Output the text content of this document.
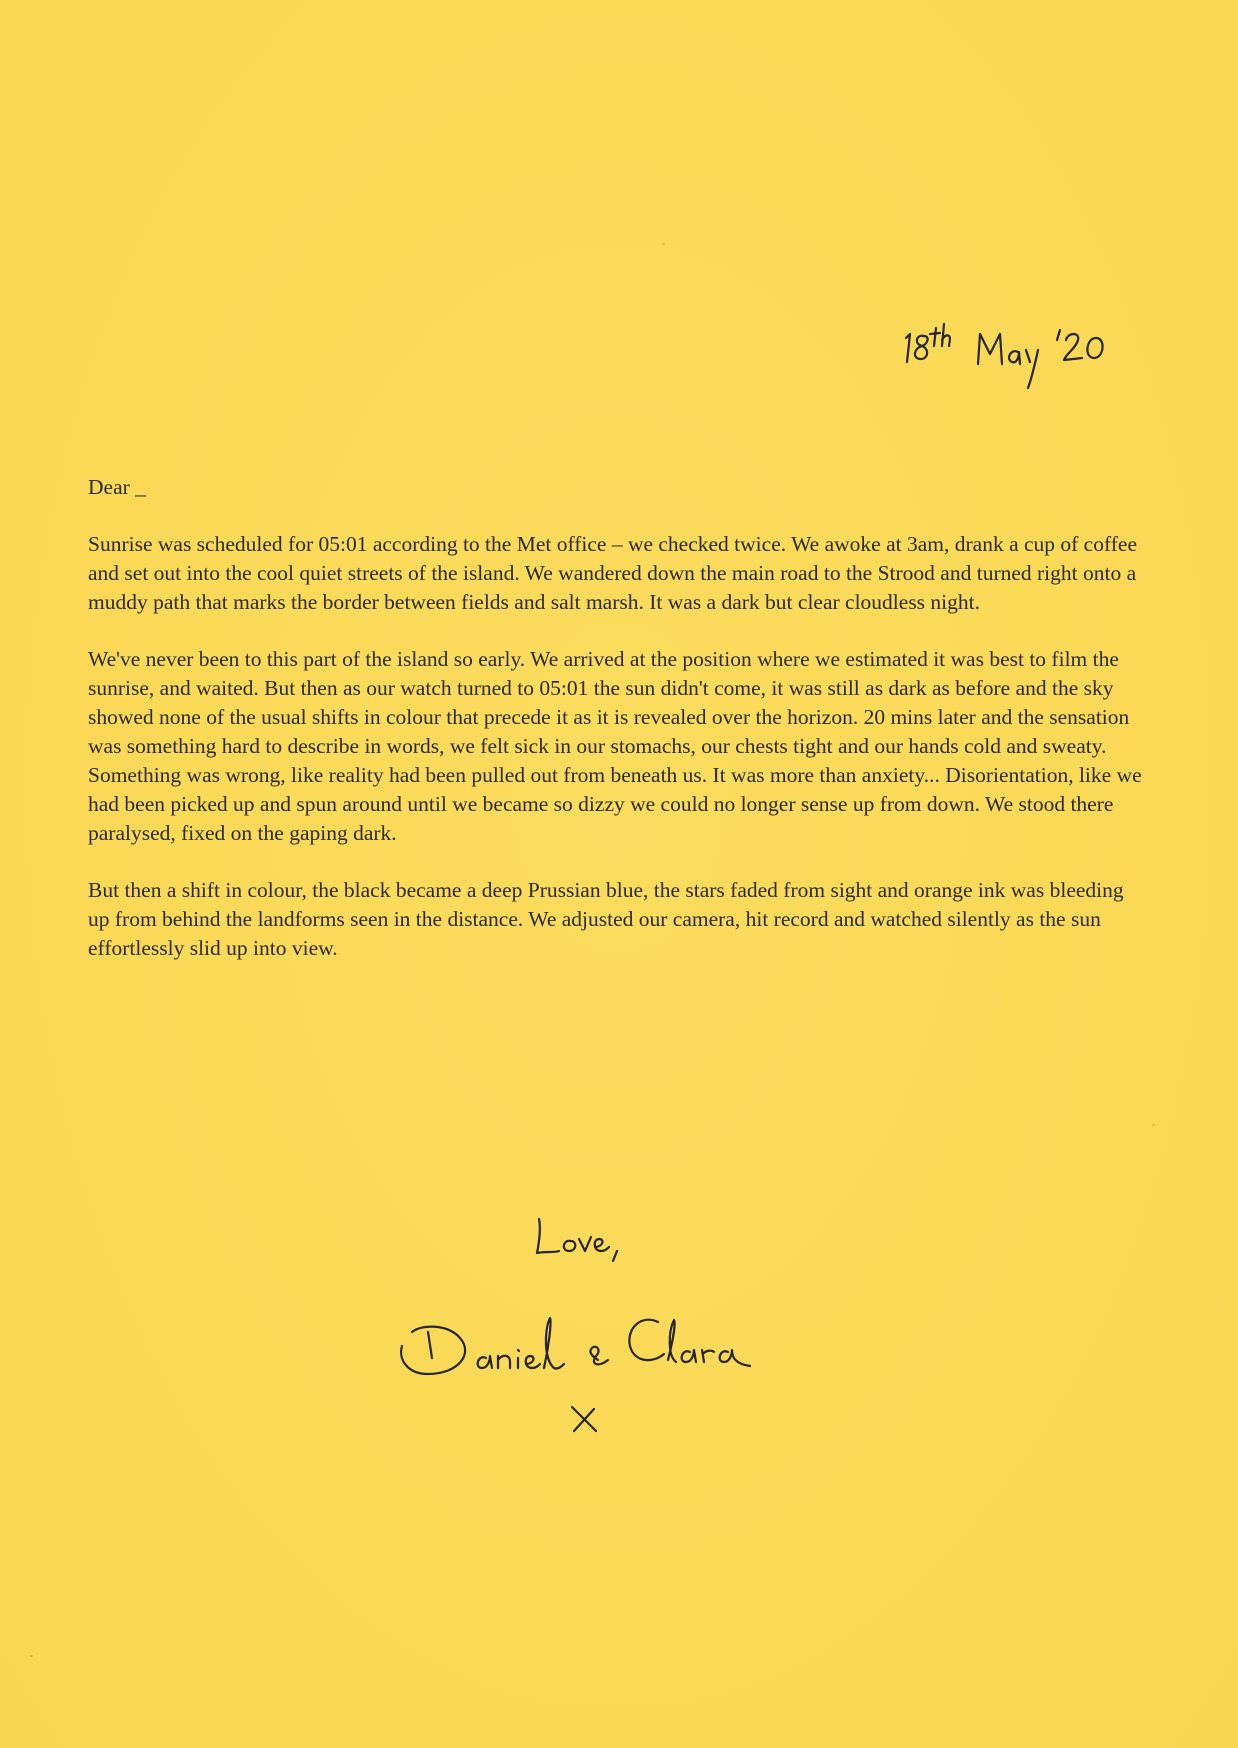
Dear _

Sunrise was scheduled for 05:01 according to the Met office – we checked twice. We awoke at 3am, drank a cup of coffee and set out into the cool quiet streets of the island. We wandered down the main road to the Strood and turned right onto a muddy path that marks the border between fields and salt marsh. It was a dark but clear cloudless night.

We've never been to this part of the island so early. We arrived at the position where we estimated it was best to film the sunrise, and waited. But then as our watch turned to 05:01 the sun didn't come, it was still as dark as before and the sky showed none of the usual shifts in colour that precede it as it is revealed over the horizon. 20 mins later and the sensation was something hard to describe in words, we felt sick in our stomachs, our chests tight and our hands cold and sweaty. Something was wrong, like reality had been pulled out from beneath us. It was more than anxiety... Disorientation, like we had been picked up and spun around until we became so dizzy we could no longer sense up from down. We stood there paralysed, fixed on the gaping dark.

But then a shift in colour, the black became a deep Prussian blue, the stars faded from sight and orange ink was bleeding up from behind the landforms seen in the distance. We adjusted our camera, hit record and watched silently as the sun effortlessly slid up into view.
